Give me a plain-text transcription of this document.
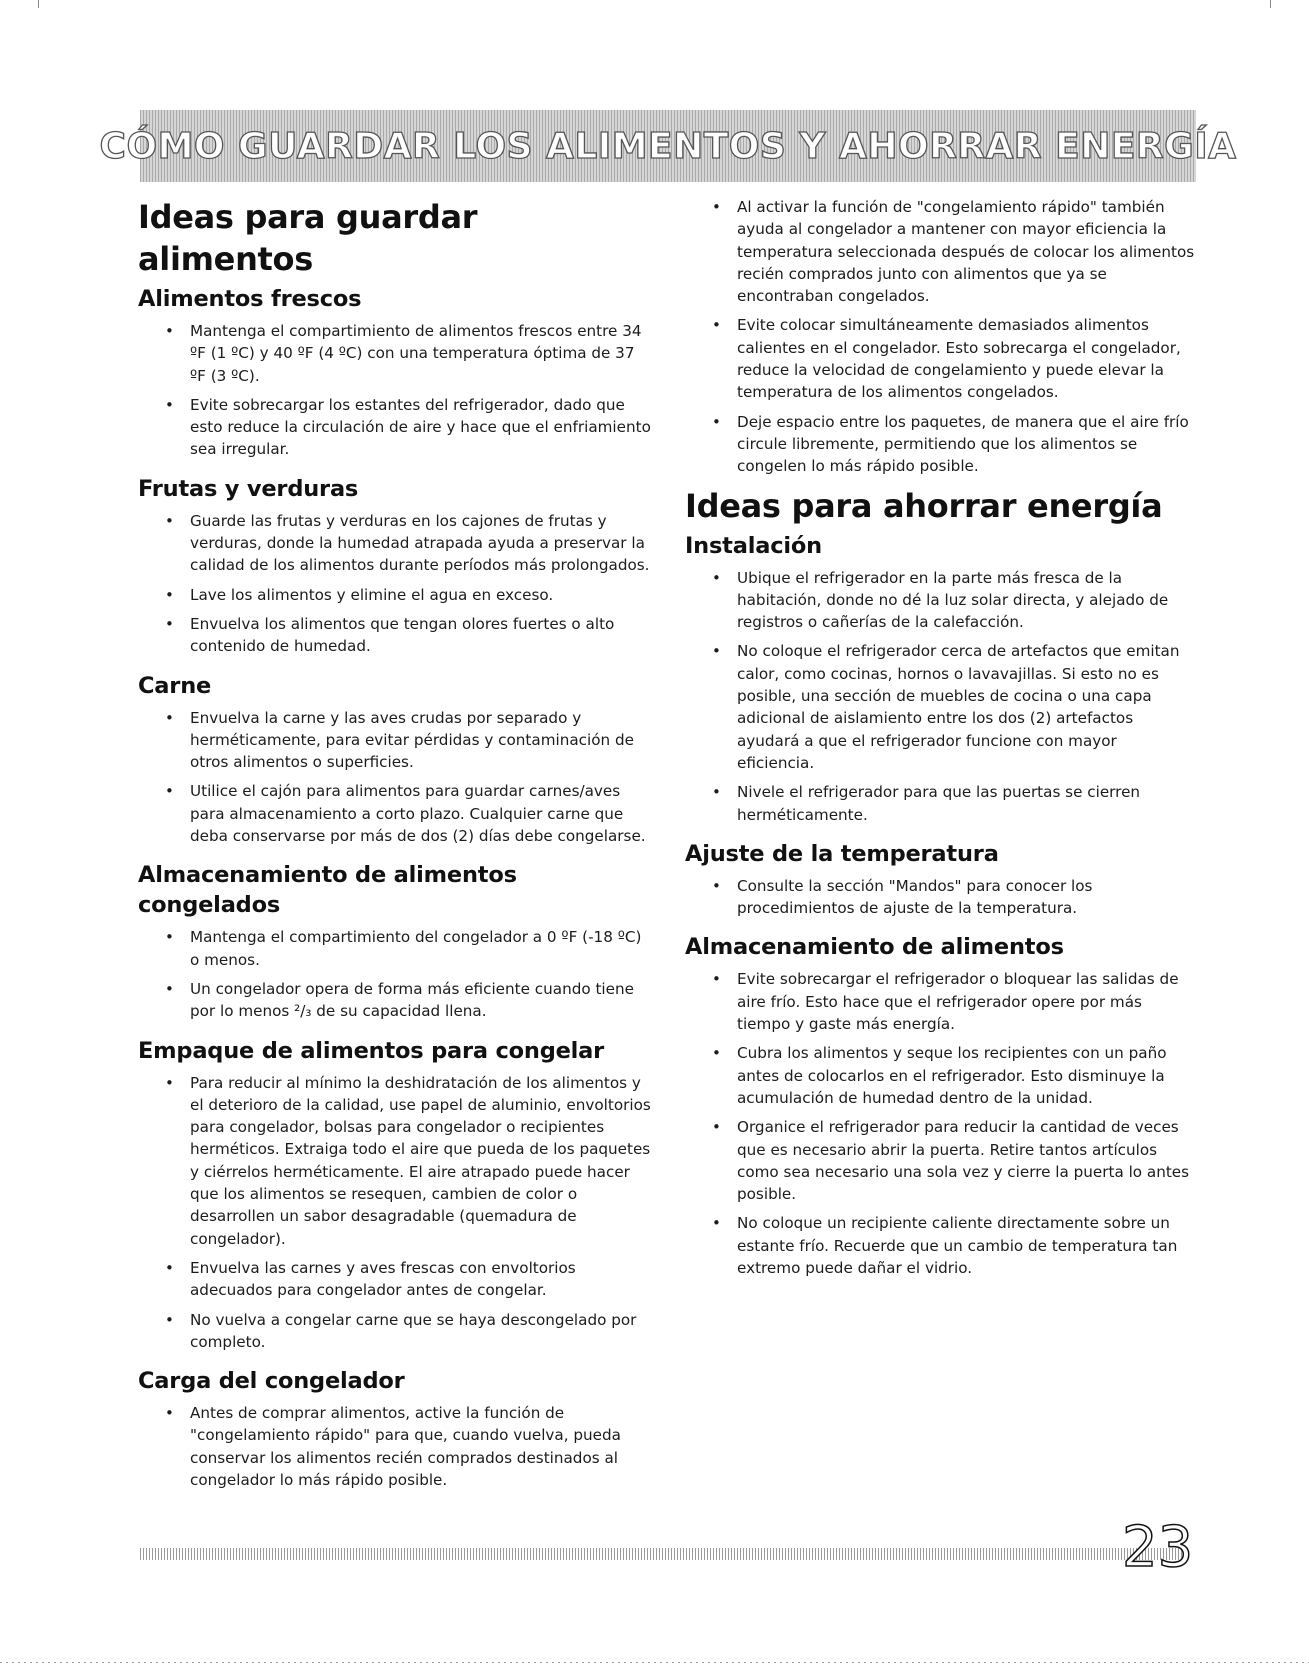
CÓMO GUARDAR LOS ALIMENTOS Y AHORRAR ENERGÍA
Ideas para guardar alimentos
Alimentos frescos
• Mantenga el compartimiento de alimentos frescos entre 34 ºF (1 ºC) y 40 ºF (4 ºC) con una temperatura óptima de 37 ºF (3 ºC).
• Evite sobrecargar los estantes del refrigerador, dado que esto reduce la circulación de aire y hace que el enfriamiento sea irregular.
Frutas y verduras
• Guarde las frutas y verduras en los cajones de frutas y verduras, donde la humedad atrapada ayuda a preservar la calidad de los alimentos durante períodos más prolongados.
• Lave los alimentos y elimine el agua en exceso.
• Envuelva los alimentos que tengan olores fuertes o alto contenido de humedad.
Carne
• Envuelva la carne y las aves crudas por separado y herméticamente, para evitar pérdidas y contaminación de otros alimentos o superficies.
• Utilice el cajón para alimentos para guardar carnes/aves para almacenamiento a corto plazo. Cualquier carne que deba conservarse por más de dos (2) días debe congelarse.
Almacenamiento de alimentos congelados
• Mantenga el compartimiento del congelador a 0 ºF (-18 ºC) o menos.
• Un congelador opera de forma más eficiente cuando tiene por lo menos ²/₃ de su capacidad llena.
Empaque de alimentos para congelar
• Para reducir al mínimo la deshidratación de los alimentos y el deterioro de la calidad, use papel de aluminio, envoltorios para congelador, bolsas para congelador o recipientes herméticos. Extraiga todo el aire que pueda de los paquetes y ciérrelos herméticamente. El aire atrapado puede hacer que los alimentos se resequen, cambien de color o desarrollen un sabor desagradable (quemadura de congelador).
• Envuelva las carnes y aves frescas con envoltorios adecuados para congelador antes de congelar.
• No vuelva a congelar carne que se haya descongelado por completo.
Carga del congelador
• Antes de comprar alimentos, active la función de "congelamiento rápido" para que, cuando vuelva, pueda conservar los alimentos recién comprados destinados al congelador lo más rápido posible.
• Al activar la función de "congelamiento rápido" también ayuda al congelador a mantener con mayor eficiencia la temperatura seleccionada después de colocar los alimentos recién comprados junto con alimentos que ya se encontraban congelados.
• Evite colocar simultáneamente demasiados alimentos calientes en el congelador. Esto sobrecarga el congelador, reduce la velocidad de congelamiento y puede elevar la temperatura de los alimentos congelados.
• Deje espacio entre los paquetes, de manera que el aire frío circule libremente, permitiendo que los alimentos se congelen lo más rápido posible.
Ideas para ahorrar energía
Instalación
• Ubique el refrigerador en la parte más fresca de la habitación, donde no dé la luz solar directa, y alejado de registros o cañerías de la calefacción.
• No coloque el refrigerador cerca de artefactos que emitan calor, como cocinas, hornos o lavavajillas. Si esto no es posible, una sección de muebles de cocina o una capa adicional de aislamiento entre los dos (2) artefactos ayudará a que el refrigerador funcione con mayor eficiencia.
• Nivele el refrigerador para que las puertas se cierren herméticamente.
Ajuste de la temperatura
• Consulte la sección "Mandos" para conocer los procedimientos de ajuste de la temperatura.
Almacenamiento de alimentos
• Evite sobrecargar el refrigerador o bloquear las salidas de aire frío. Esto hace que el refrigerador opere por más tiempo y gaste más energía.
• Cubra los alimentos y seque los recipientes con un paño antes de colocarlos en el refrigerador. Esto disminuye la acumulación de humedad dentro de la unidad.
• Organice el refrigerador para reducir la cantidad de veces que es necesario abrir la puerta. Retire tantos artículos como sea necesario una sola vez y cierre la puerta lo antes posible.
• No coloque un recipiente caliente directamente sobre un estante frío. Recuerde que un cambio de temperatura tan extremo puede dañar el vidrio.
23
